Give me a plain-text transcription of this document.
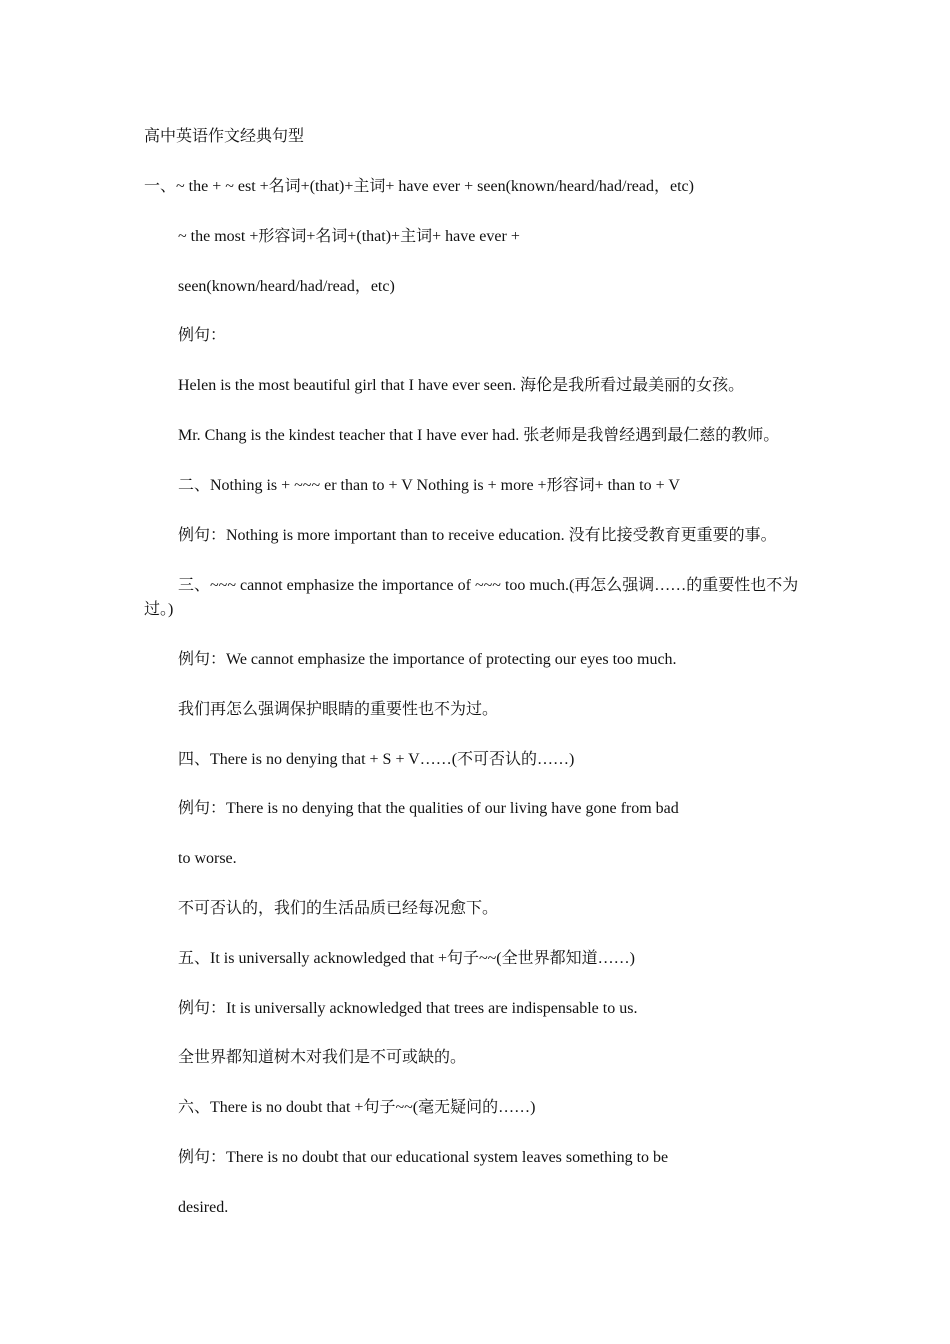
高中英语作文经典句型
一、~ the + ~ est +名词+(that)+主词+ have ever + seen(known/heard/had/read，etc)
~ the most +形容词+名词+(that)+主词+ have ever +
seen(known/heard/had/read，etc)
例句：
Helen is the most beautiful girl that I have ever seen. 海伦是我所看过最美丽的女孩。
Mr. Chang is the kindest teacher that I have ever had. 张老师是我曾经遇到最仁慈的教师。
二、Nothing is + ~~~ er than to + V Nothing is + more +形容词+ than to + V
例句：Nothing is more important than to receive education. 没有比接受教育更重要的事。
三、~~~ cannot emphasize the importance of ~~~ too much.(再怎么强调……的重要性也不为过。)
例句：We cannot emphasize the importance of protecting our eyes too much.
我们再怎么强调保护眼睛的重要性也不为过。
四、There is no denying that + S + V……(不可否认的……)
例句：There is no denying that the qualities of our living have gone from bad
to worse.
不可否认的，我们的生活品质已经每况愈下。
五、It is universally acknowledged that +句子~~(全世界都知道……)
例句：It is universally acknowledged that trees are indispensable to us.
全世界都知道树木对我们是不可或缺的。
六、There is no doubt that +句子~~(毫无疑问的……)
例句：There is no doubt that our educational system leaves something to be
desired.
